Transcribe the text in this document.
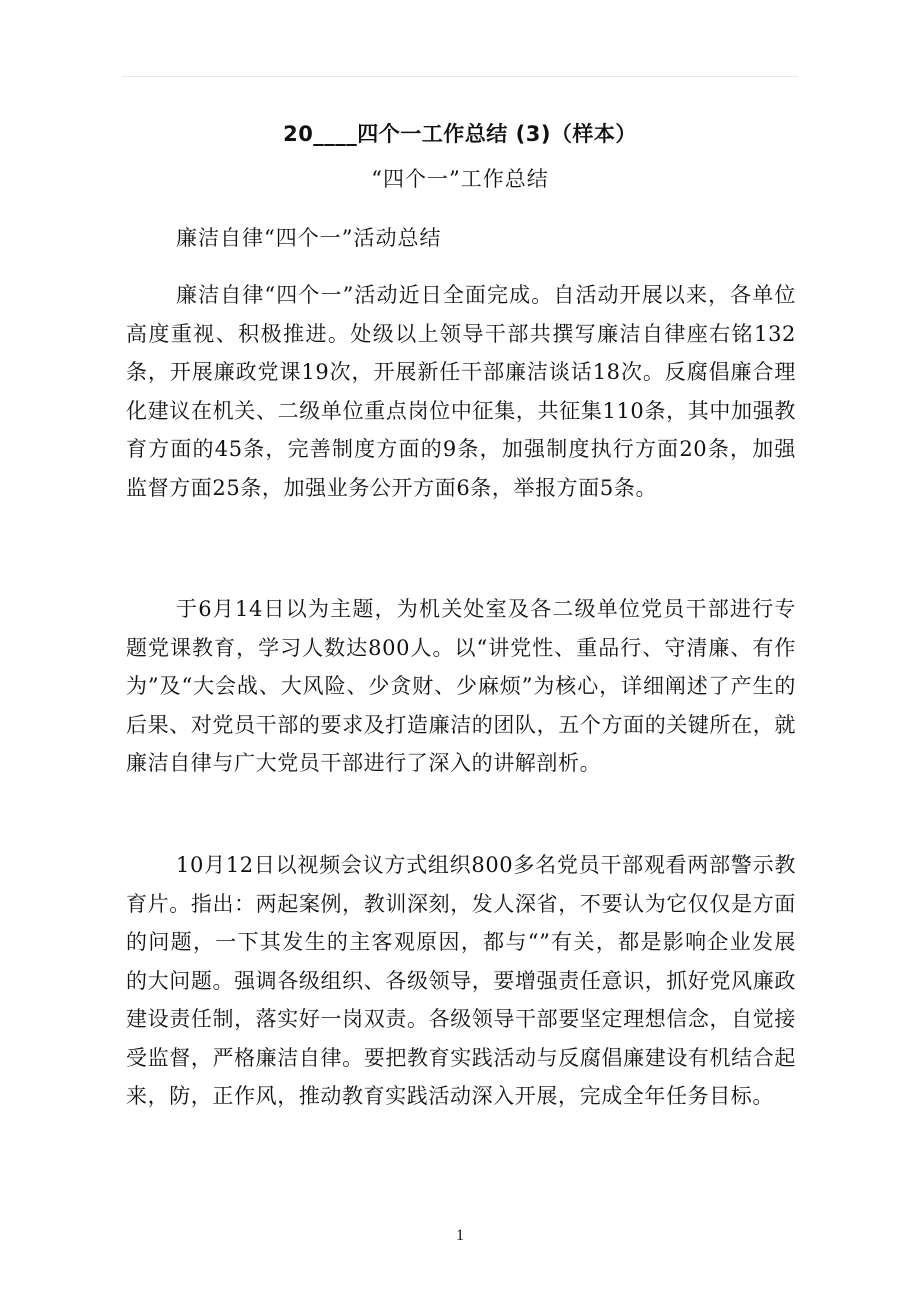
20____四个一工作总结 (3)（样本）
“四个一”工作总结
廉洁自律“四个一”活动总结

廉洁自律“四个一”活动近日全面完成。自活动开展以来，各单位高度重视、积极推进。处级以上领导干部共撰写廉洁自律座右铭132条，开展廉政党课19次，开展新任干部廉洁谈话18次。反腐倡廉合理化建议在机关、二级单位重点岗位中征集，共征集110条，其中加强教育方面的45条，完善制度方面的9条，加强制度执行方面20条，加强监督方面25条，加强业务公开方面6条，举报方面5条。

于6月14日以为主题，为机关处室及各二级单位党员干部进行专题党课教育，学习人数达800人。以“讲党性、重品行、守清廉、有作为”及“大会战、大风险、少贪财、少麻烦”为核心，详细阐述了产生的后果、对党员干部的要求及打造廉洁的团队，五个方面的关键所在，就廉洁自律与广大党员干部进行了深入的讲解剖析。

10月12日以视频会议方式组织800多名党员干部观看两部警示教育片。指出：两起案例，教训深刻，发人深省，不要认为它仅仅是方面的问题，一下其发生的主客观原因，都与“”有关，都是影响企业发展的大问题。强调各级组织、各级领导，要增强责任意识，抓好党风廉政建设责任制，落实好一岗双责。各级领导干部要坚定理想信念，自觉接受监督，严格廉洁自律。要把教育实践活动与反腐倡廉建设有机结合起来，防，正作风，推动教育实践活动深入开展，完成全年任务目标。

1
